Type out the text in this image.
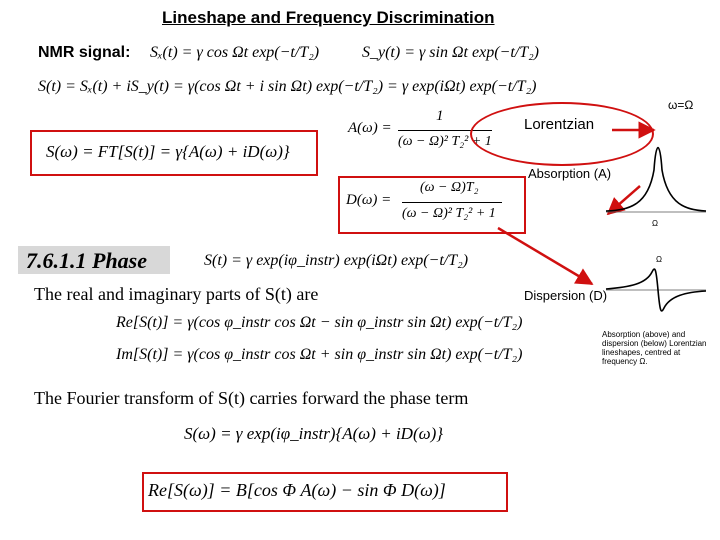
Lineshape and Frequency Discrimination
NMR signal: Sₓ(t) = γ cos Ωt exp(−t/T₂)	S_y(t) = γ sin Ωt exp(−t/T₂)
S(t) = Sₓ(t) + iS_y(t) = γ(cos Ωt + i sin Ωt) exp(−t/T₂) = γ exp(iΩt) exp(−t/T₂)
A(ω) =
1
(ω − Ω)² T₂² + 1
Lorentzian
ω=Ω
S(ω) = FT[S(t)] = γ{A(ω) + iD(ω)}
Absorption (A)
D(ω) =
(ω − Ω)T₂
(ω − Ω)² T₂² + 1
7.6.1.1 Phase	S(t) = γ exp(iφ_instr) exp(iΩt) exp(−t/T₂)
The real and imaginary parts of S(t) are	Dispersion (D)
Re[S(t)] = γ(cos φ_instr cos Ωt − sin φ_instr sin Ωt) exp(−t/T₂)
Im[S(t)] = γ(cos φ_instr cos Ωt + sin φ_instr sin Ωt) exp(−t/T₂)
Absorption (above) and dispersion (below) Lorentzian lineshapes, centred at frequency Ω.
The Fourier transform of S(t) carries forward the phase term
S(ω) = γ exp(iφ_instr){A(ω) + iD(ω)}
Re[S(ω)] = B[cos Φ A(ω) − sin Φ D(ω)]
Ω
Ω
